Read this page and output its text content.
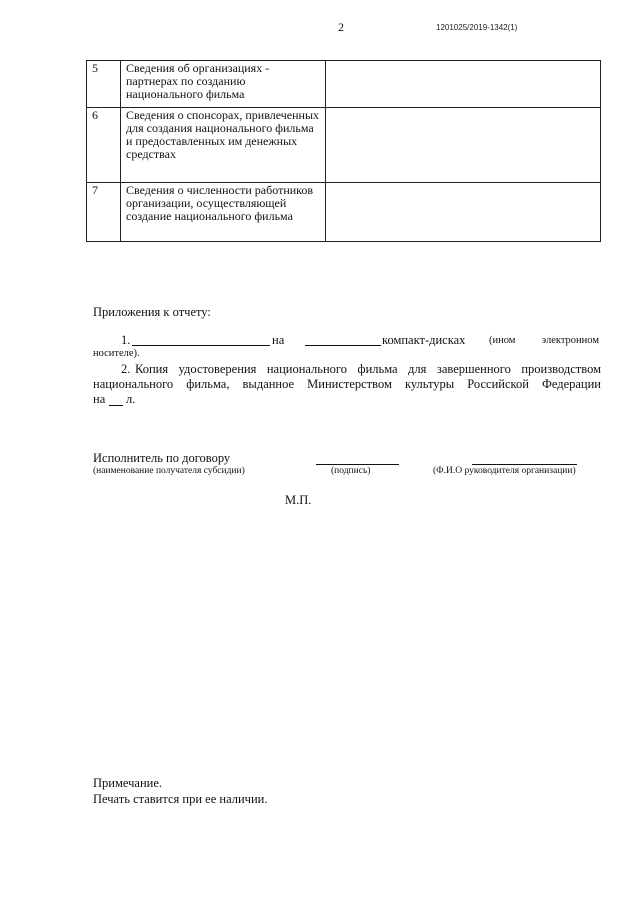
2	1201025/2019-1342(1)
5	Сведения об организациях - партнерах по созданию национального фильма	
6	Сведения о спонсорах, привлеченных для создания национального фильма и предоставленных им денежных средствах	
7	Сведения о численности работников организации, осуществляющей создание национального фильма	
Приложения к отчету:
1.	на	компакт-дисках (ином электронном
носителе).
2. Копия удостоверения национального фильма для завершенного производством
национального фильма, выданное Министерством культуры Российской Федерации
на л.
Исполнитель по договору
(наименование получателя субсидии)	(подпись)	(Ф.И.О руководителя организации)
М.П.
Примечание.
Печать ставится при ее наличии.
